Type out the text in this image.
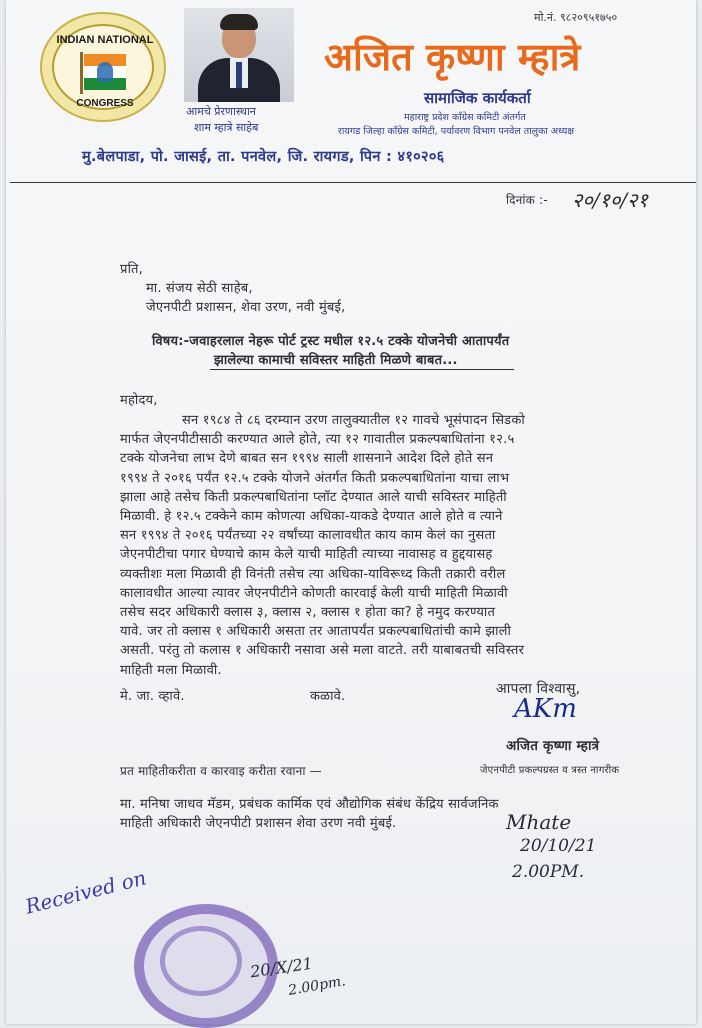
INDIAN NATIONAL
CONGRESS
आमचे प्रेरणास्थान
शाम म्हात्रे साहेब
मो.नं. ९८२०९५१७५०
अजित कृष्णा म्हात्रे
सामाजिक कार्यकर्ता
महाराष्ट्र प्रदेश काँग्रेस कमिटी अंतर्गत
रायगड जिल्हा काँग्रेस कमिटी, पर्यावरण विभाग पनवेल तालुका अध्यक्ष
मु.बेलपाडा, पो. जासई, ता. पनवेल, जि. रायगड, पिन : ४१०२०६
दिनांक :- २०/१०/२१
प्रति,
मा. संजय सेठी साहेब,
जेएनपीटी प्रशासन, शेवा उरण, नवी मुंबई,
विषय:-जवाहरलाल नेहरू पोर्ट ट्रस्ट मधील १२.५ टक्के योजनेची आतापर्यंत
झालेल्या कामाची सविस्तर माहिती मिळणे बाबत...
महोदय,
सन १९८४ ते ८६ दरम्यान उरण तालुक्यातील १२ गावचे भूसंपादन सिडको
मार्फत जेएनपीटीसाठी करण्यात आले होते, त्या १२ गावातील प्रकल्पबाधितांना १२.५
टक्के योजनेचा लाभ देणे बाबत सन १९९४ साली शासनाने आदेश दिले होते सन
१९९४ ते २०१६ पर्यंत १२.५ टक्के योजने अंतर्गत किती प्रकल्पबाधितांना याचा लाभ
झाला आहे तसेच किती प्रकल्पबाधितांना प्लॉट देण्यात आले याची सविस्तर माहिती
मिळावी. हे १२.५ टक्केने काम कोणत्या अधिका-याकडे देण्यात आले होते व त्याने
सन १९९४ ते २०१६ पर्यंतच्या २२ वर्षांच्या कालावधीत काय काम केलं का नुसता
जेएनपीटीचा पगार घेण्याचे काम केले याची माहिती त्याच्या नावासह व हुद्दयासह
व्यक्तीशः मला मिळावी ही विनंती तसेच त्या अधिका-याविरूध्द किती तक्रारी वरील
कालावधीत आल्या त्यावर जेएनपीटीने कोणती कारवाई केली याची माहिती मिळावी
तसेच सदर अधिकारी क्लास ३, क्लास २, क्लास १ होता का? हे नमुद करण्यात
यावे. जर तो क्लास १ अधिकारी असता तर आतापर्यंत प्रकल्पबाधितांची कामे झाली
असती. परंतु तो कलास १ अधिकारी नसावा असे मला वाटते. तरी याबाबतची सविस्तर
माहिती मला मिळावी.
मे. जा. व्हावे.	कळावे.	आपला विश्वासु,
AKm
अजित कृष्णा म्हात्रे
प्रत माहितीकरीता व कारवाइ करीता रवाना —	जेएनपीटी प्रकल्पग्रस्त व त्रस्त नागरीक
मा. मनिषा जाधव मॅडम, प्रबंधक कार्मिक एवं औद्योगिक संबंध केंद्रिय सार्वजनिक
माहिती अधिकारी जेएनपीटी प्रशासन शेवा उरण नवी मुंबई.	Mhate
20/10/21
2.00PM.
Received on
20/X/21
2.00pm.
